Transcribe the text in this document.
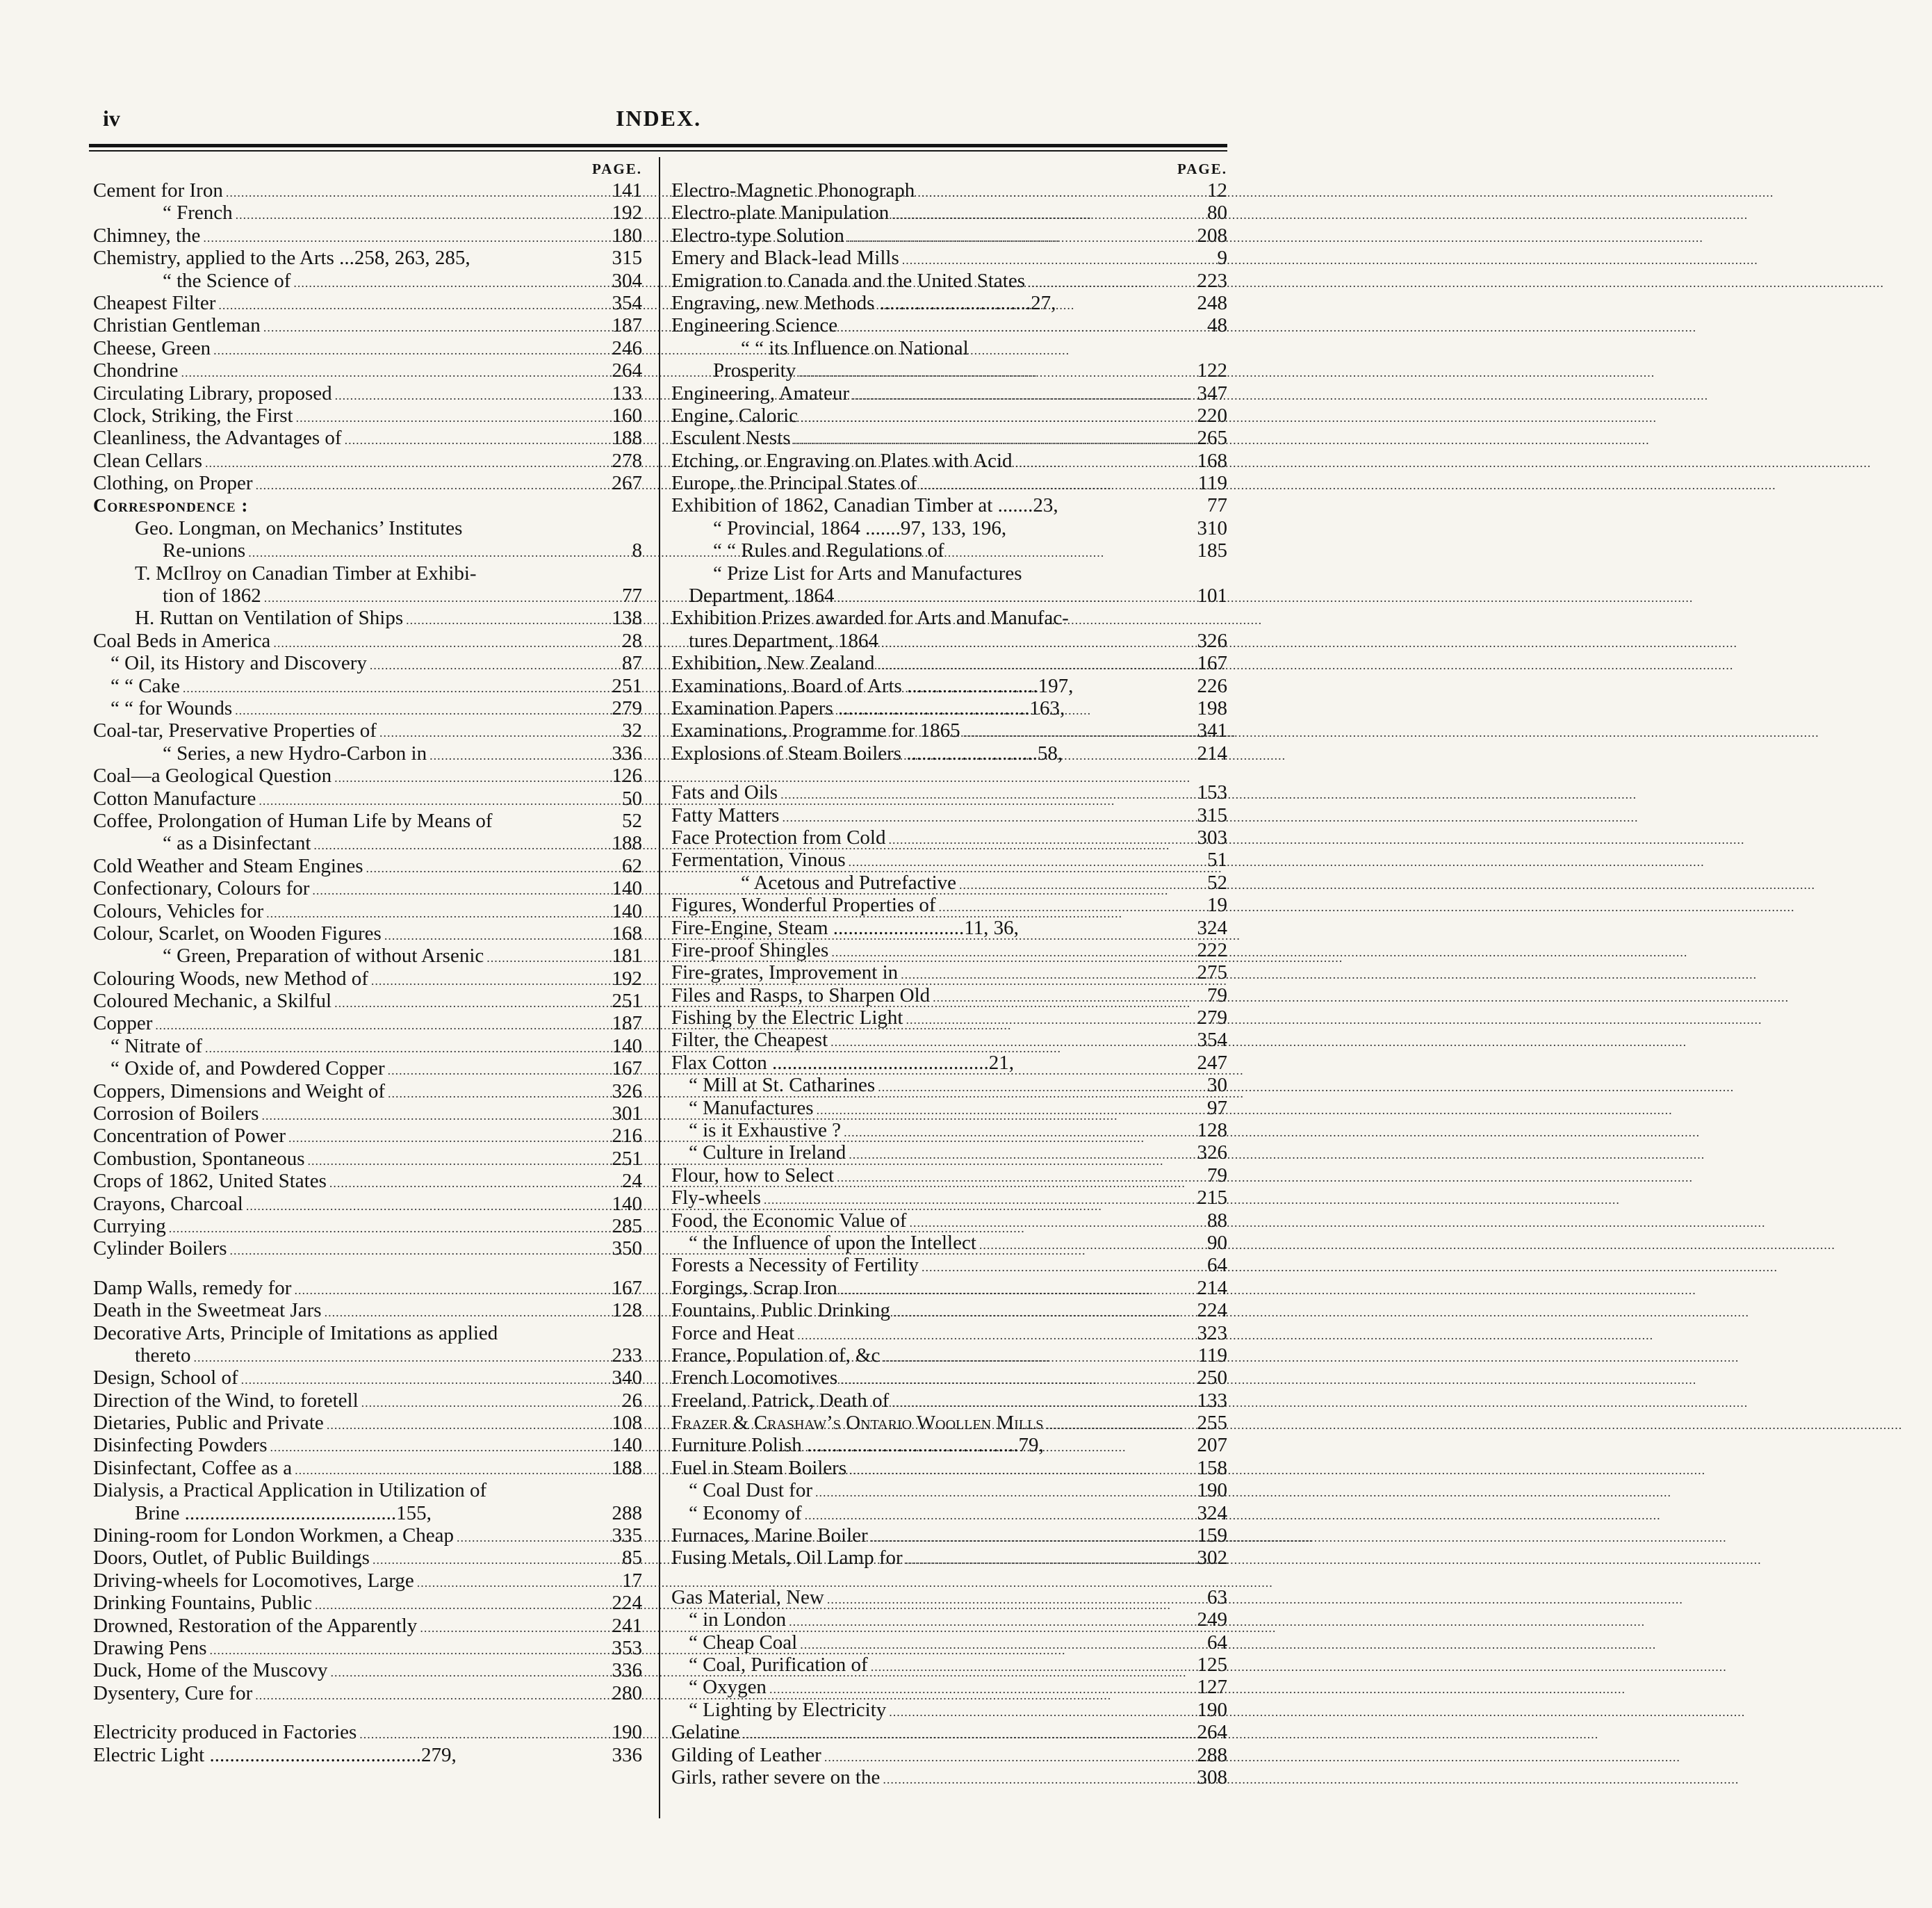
iv	INDEX.
PAGE.
Cement for Iron .....	141
“ French .....	192
Chimney, the .....	180
Chemistry, applied to the Arts ...258, 263, 285,	315
“ the Science of .....	304
Cheapest Filter .....	354
Christian Gentleman .....	187
Cheese, Green .....	246
Chondrine .....	264
Circulating Library, proposed .....	133
Clock, Striking, the First .....	160
Cleanliness, the Advantages of .....	188
Clean Cellars .....	278
Clothing, on Proper .....	267
Correspondence :
Geo. Longman, on Mechanics’ Institutes
Re-unions .....	8
T. McIlroy on Canadian Timber at Exhibi-
tion of 1862 .....	77
H. Ruttan on Ventilation of Ships .....	138
Coal Beds in America .....	28
“ Oil, its History and Discovery .....	87
“ “ Cake .....	251
“ “ for Wounds .....	279
Coal-tar, Preservative Properties of .....	32
“ Series, a new Hydro-Carbon in .....	336
Coal—a Geological Question .....	126
Cotton Manufacture .....	50
Coffee, Prolongation of Human Life by Means of	52
“ as a Disinfectant .....	188
Cold Weather and Steam Engines .....	62
Confectionary, Colours for .....	140
Colours, Vehicles for .....	140
Colour, Scarlet, on Wooden Figures .....	168
“ Green, Preparation of without Arsenic .....	181
Colouring Woods, new Method of .....	192
Coloured Mechanic, a Skilful .....	251
Copper .....	187
“ Nitrate of .....	140
“ Oxide of, and Powdered Copper .....	167
Coppers, Dimensions and Weight of .....	326
Corrosion of Boilers .....	301
Concentration of Power .....	216
Combustion, Spontaneous .....	251
Crops of 1862, United States .....	24
Crayons, Charcoal .....	140
Currying .....	285
Cylinder Boilers .....	350
Damp Walls, remedy for .....	167
Death in the Sweetmeat Jars .....	128
Decorative Arts, Principle of Imitations as applied
thereto .....	233
Design, School of .....	340
Direction of the Wind, to foretell .....	26
Dietaries, Public and Private .....	108
Disinfecting Powders .....	140
Disinfectant, Coffee as a .....	188
Dialysis, a Practical Application in Utilization of
Brine ..........................................155,	288
Dining-room for London Workmen, a Cheap .....	335
Doors, Outlet, of Public Buildings .....	85
Driving-wheels for Locomotives, Large .....	17
Drinking Fountains, Public .....	224
Drowned, Restoration of the Apparently .....	241
Drawing Pens .....	353
Duck, Home of the Muscovy .....	336
Dysentery, Cure for .....	280
Electricity produced in Factories .....	190
Electric Light ..........................................279,	336
PAGE.
Electro-Magnetic Phonograph .....	12
Electro-plate Manipulation .....	80
Electro-type Solution .....	208
Emery and Black-lead Mills .....	9
Emigration to Canada and the United States .....	223
Engraving, new Methods ..............................27,	248
Engineering Science .....	48
“ “ its Influence on National
Prosperity .....	122
Engineering, Amateur .....	347
Engine, Caloric .....	220
Esculent Nests .....	265
Etching, or Engraving on Plates with Acid .....	168
Europe, the Principal States of .....	119
Exhibition of 1862, Canadian Timber at .......23,	77
“ Provincial, 1864 .......97, 133, 196,	310
“ “ Rules and Regulations of	185
“ Prize List for Arts and Manufactures
Department, 1864 .....	101
Exhibition Prizes awarded for Arts and Manufac-
tures Department, 1864 .....	326
Exhibition, New Zealand .....	167
Examinations, Board of Arts ..........................197,	226
Examination Papers ......................................163,	198
Examinations, Programme for 1865 .....	341
Explosions of Steam Boilers ..........................58,	214
Fats and Oils .....	153
Fatty Matters .....	315
Face Protection from Cold .....	303
Fermentation, Vinous .....	51
“ Acetous and Putrefactive .....	52
Figures, Wonderful Properties of .....	19
Fire-Engine, Steam ..........................11, 36,	324
Fire-proof Shingles .....	222
Fire-grates, Improvement in .....	275
Files and Rasps, to Sharpen Old .....	79
Fishing by the Electric Light .....	279
Filter, the Cheapest .....	354
Flax Cotton ...........................................21,	247
“ Mill at St. Catharines .....	30
“ Manufactures .....	97
“ is it Exhaustive ? .....	128
“ Culture in Ireland .....	326
Flour, how to Select .....	79
Fly-wheels .....	215
Food, the Economic Value of .....	88
“ the Influence of upon the Intellect .....	90
Forests a Necessity of Fertility .....	64
Forgings, Scrap Iron .....	214
Fountains, Public Drinking .....	224
Force and Heat .....	323
France, Population of, &c .....	119
French Locomotives .....	250
Freeland, Patrick, Death of .....	133
Frazer & Crashaw’s Ontario Woollen Mills .....	255
Furniture Polish ..........................................79,	207
Fuel in Steam Boilers .....	158
“ Coal Dust for .....	190
“ Economy of .....	324
Furnaces, Marine Boiler .....	159
Fusing Metals, Oil Lamp for .....	302
Gas Material, New .....	63
“ in London .....	249
“ Cheap Coal .....	64
“ Coal, Purification of .....	125
“ Oxygen .....	127
“ Lighting by Electricity .....	190
Gelatine .....	264
Gilding of Leather .....	288
Girls, rather severe on the .....	308
